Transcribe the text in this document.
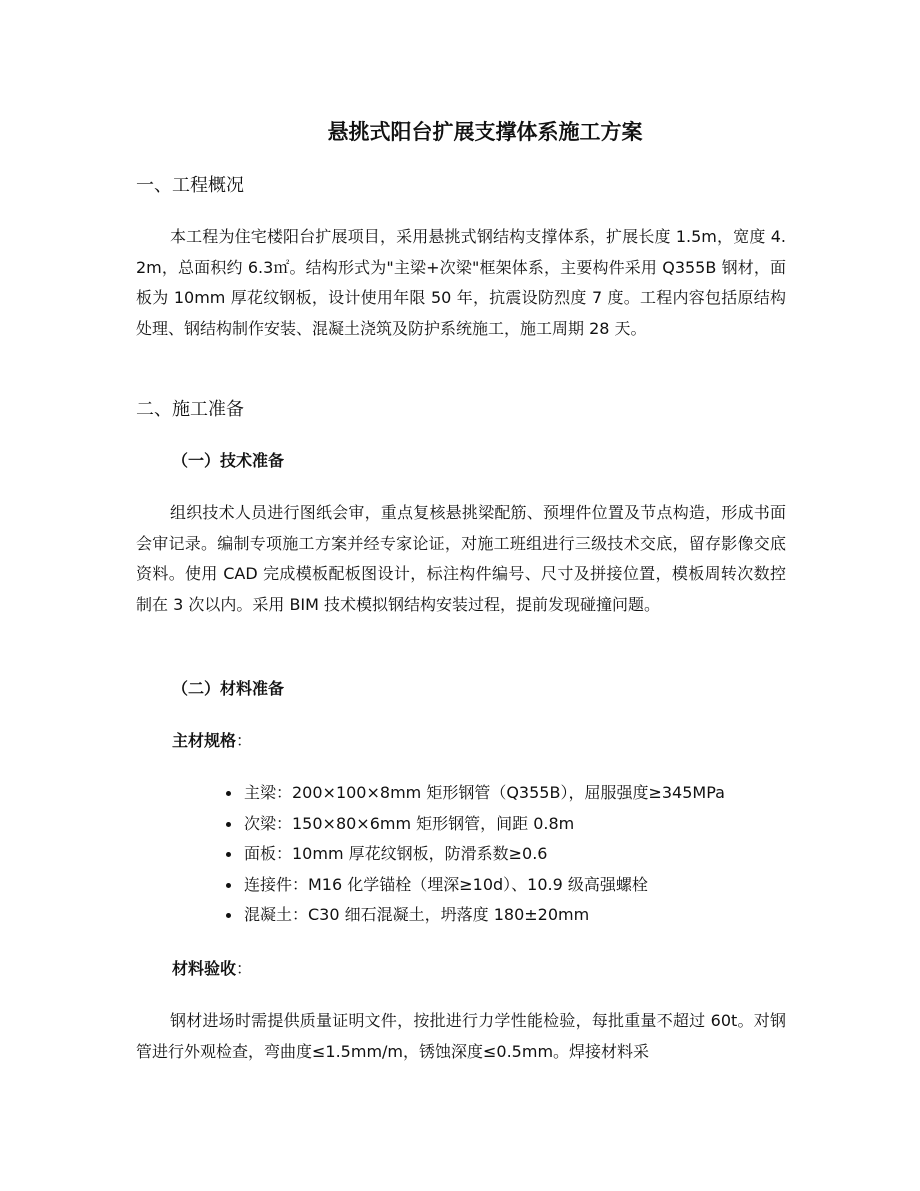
悬挑式阳台扩展支撑体系施工方案
一、工程概况

本工程为住宅楼阳台扩展项目，采用悬挑式钢结构支撑体系，扩展长度 1.5m，宽度 4.2m，总面积约 6.3㎡。结构形式为"主梁+次梁"框架体系，主要构件采用 Q355B 钢材，面板为 10mm 厚花纹钢板，设计使用年限 50 年，抗震设防烈度 7 度。工程内容包括原结构处理、钢结构制作安装、混凝土浇筑及防护系统施工，施工周期 28 天。

二、施工准备
（一）技术准备

组织技术人员进行图纸会审，重点复核悬挑梁配筋、预埋件位置及节点构造，形成书面会审记录。编制专项施工方案并经专家论证，对施工班组进行三级技术交底，留存影像交底资料。使用 CAD 完成模板配板图设计，标注构件编号、尺寸及拼接位置，模板周转次数控制在 3 次以内。采用 BIM 技术模拟钢结构安装过程，提前发现碰撞问题。

（二）材料准备

主材规格：

主梁：200×100×8mm 矩形钢管（Q355B），屈服强度≥345MPa
次梁：150×80×6mm 矩形钢管，间距 0.8m
面板：10mm 厚花纹钢板，防滑系数≥0.6
连接件：M16 化学锚栓（埋深≥10d）、10.9 级高强螺栓
混凝土：C30 细石混凝土，坍落度 180±20mm

材料验收：

钢材进场时需提供质量证明文件，按批进行力学性能检验，每批重量不超过 60t。对钢管进行外观检查，弯曲度≤1.5mm/m，锈蚀深度≤0.5mm。焊接材料采
